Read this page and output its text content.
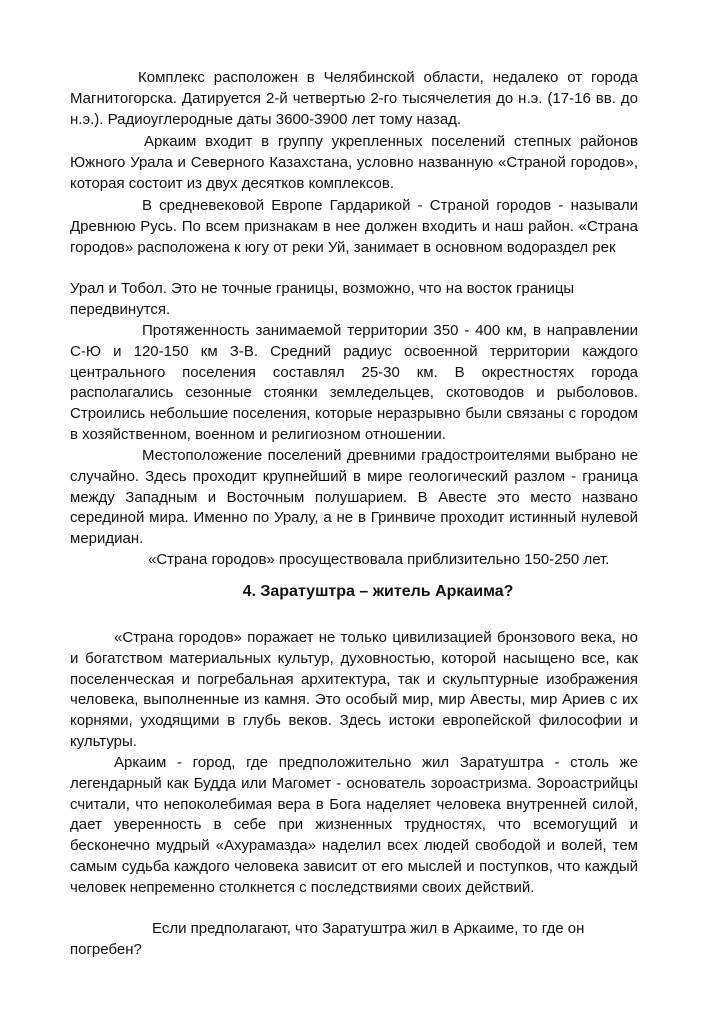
Комплекс расположен в Челябинской области, недалеко от города Магнитогорска. Датируется 2-й четвертью 2-го тысячелетия до н.э. (17-16 вв. до н.э.). Радиоуглеродные даты 3600-3900 лет тому назад.

Аркаим входит в группу укрепленных поселений степных районов Южного Урала и Северного Казахстана, условно названную «Страной городов», которая состоит из двух десятков комплексов.

В средневековой Европе Гардарикой - Страной городов - называли Древнюю Русь. По всем признакам в нее должен входить и наш район. «Страна городов» расположена к югу от реки Уй, занимает в основном водораздел рек

Урал и Тобол. Это не точные границы, возможно, что на восток границы передвинутся.

Протяженность занимаемой территории 350 - 400 км, в направлении С-Ю и 120-150 км З-В. Средний радиус освоенной территории каждого центрального поселения составлял 25-30 км. В окрестностях города располагались сезонные стоянки земледельцев, скотоводов и рыболовов. Строились небольшие поселения, которые неразрывно были связаны с городом в хозяйственном, военном и религиозном отношении.

Местоположение поселений древними градостроителями выбрано не случайно. Здесь проходит крупнейший в мире геологический разлом - граница между Западным и Восточным полушарием. В Авесте это место названо серединой мира. Именно по Уралу, а не в Гринвиче проходит истинный нулевой меридиан.

«Страна городов» просуществовала приблизительно 150-250 лет.

4. Заратуштра – житель Аркаима?

«Страна городов» поражает не только цивилизацией бронзового века, но и богатством материальных культур, духовностью, которой насыщено все, как поселенческая и погребальная архитектура, так и скульптурные изображения человека, выполненные из камня. Это особый мир, мир Авесты, мир Ариев с их корнями, уходящими в глубь веков. Здесь истоки европейской философии и культуры.

Аркаим - город, где предположительно жил Заратуштра - столь же легендарный как Будда или Магомет - основатель зороастризма. Зороастрийцы считали, что непоколебимая вера в Бога наделяет человека внутренней силой, дает уверенность в себе при жизненных трудностях, что всемогущий и бесконечно мудрый «Ахурамазда» наделил всех людей свободой и волей, тем самым судьба каждого человека зависит от его мыслей и поступков, что каждый человек непременно столкнется с последствиями своих действий.

Если предполагают, что Заратуштра жил в Аркаиме, то где он погребен?
